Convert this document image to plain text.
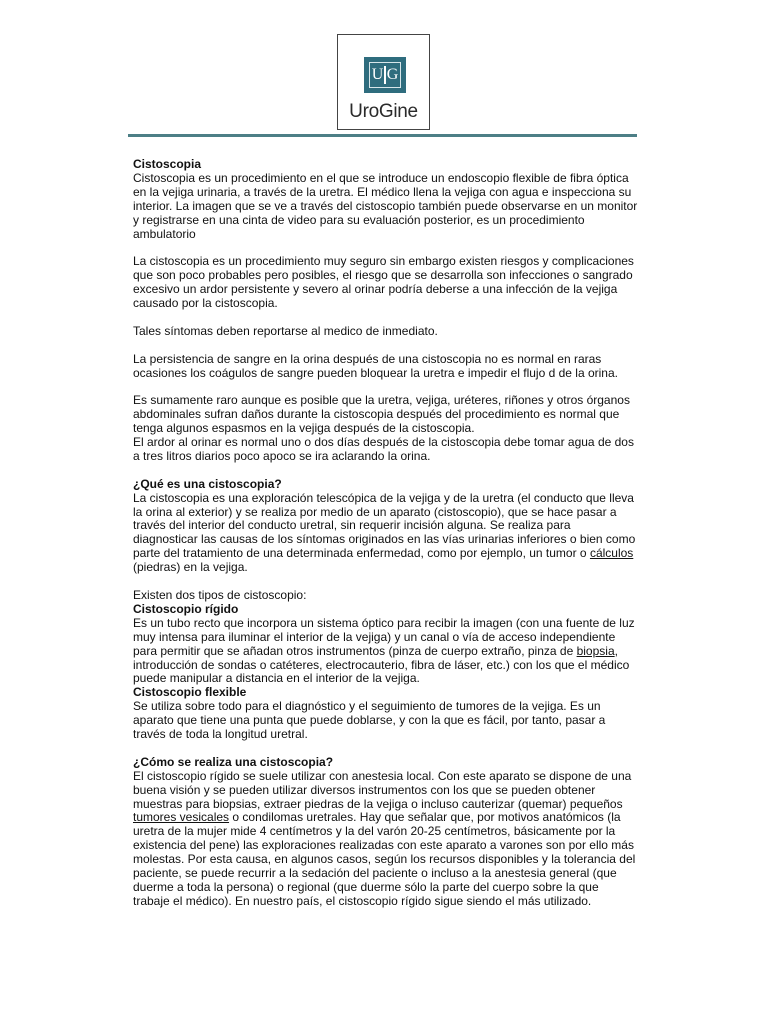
U G
UroGine
Cistoscopia

Cistoscopia es un procedimiento en el que se introduce un endoscopio flexible de fibra óptica en la vejiga urinaria, a través de la uretra. El médico llena la vejiga con agua e inspecciona su interior. La imagen que se ve a través del cistoscopio también puede observarse en un monitor y registrarse en una cinta de video para su evaluación posterior, es un procedimiento ambulatorio

La cistoscopia es un procedimiento muy seguro sin embargo existen riesgos y complicaciones que son poco probables pero posibles, el riesgo que se desarrolla son infecciones o sangrado excesivo un ardor persistente y severo al orinar podría deberse a una infección de la vejiga causado por la cistoscopia.

Tales síntomas deben reportarse al medico de inmediato.

La persistencia de sangre en la orina después de una cistoscopia no es normal en raras ocasiones los coágulos de sangre pueden bloquear la uretra e impedir el flujo d de la orina.

Es sumamente raro aunque es posible que la uretra, vejiga, uréteres, riñones y otros órganos abdominales sufran daños durante la cistoscopia después del procedimiento es normal que tenga algunos espasmos en la vejiga después de la cistoscopia.

El ardor al orinar es normal uno o dos días después de la cistoscopia debe tomar agua de dos a tres litros diarios poco apoco se ira aclarando la orina.

¿Qué es una cistoscopia?

La cistoscopia es una exploración telescópica de la vejiga y de la uretra (el conducto que lleva la orina al exterior) y se realiza por medio de un aparato (cistoscopio), que se hace pasar a través del interior del conducto uretral, sin requerir incisión alguna. Se realiza para diagnosticar las causas de los síntomas originados en las vías urinarias inferiores o bien como parte del tratamiento de una determinada enfermedad, como por ejemplo, un tumor o cálculos (piedras) en la vejiga.

Existen dos tipos de cistoscopio:
Cistoscopio rígido

Es un tubo recto que incorpora un sistema óptico para recibir la imagen (con una fuente de luz muy intensa para iluminar el interior de la vejiga) y un canal o vía de acceso independiente para permitir que se añadan otros instrumentos (pinza de cuerpo extraño, pinza de biopsia, introducción de sondas o catéteres, electrocauterio, fibra de láser, etc.) con los que el médico puede manipular a distancia en el interior de la vejiga.

Cistoscopio flexible

Se utiliza sobre todo para el diagnóstico y el seguimiento de tumores de la vejiga. Es un aparato que tiene una punta que puede doblarse, y con la que es fácil, por tanto, pasar a través de toda la longitud uretral.

¿Cómo se realiza una cistoscopia?

El cistoscopio rígido se suele utilizar con anestesia local. Con este aparato se dispone de una buena visión y se pueden utilizar diversos instrumentos con los que se pueden obtener muestras para biopsias, extraer piedras de la vejiga o incluso cauterizar (quemar) pequeños tumores vesicales o condilomas uretrales. Hay que señalar que, por motivos anatómicos (la uretra de la mujer mide 4 centímetros y la del varón 20-25 centímetros, básicamente por la existencia del pene) las exploraciones realizadas con este aparato a varones son por ello más molestas. Por esta causa, en algunos casos, según los recursos disponibles y la tolerancia del paciente, se puede recurrir a la sedación del paciente o incluso a la anestesia general (que duerme a toda la persona) o regional (que duerme sólo la parte del cuerpo sobre la que trabaje el médico). En nuestro país, el cistoscopio rígido sigue siendo el más utilizado.
